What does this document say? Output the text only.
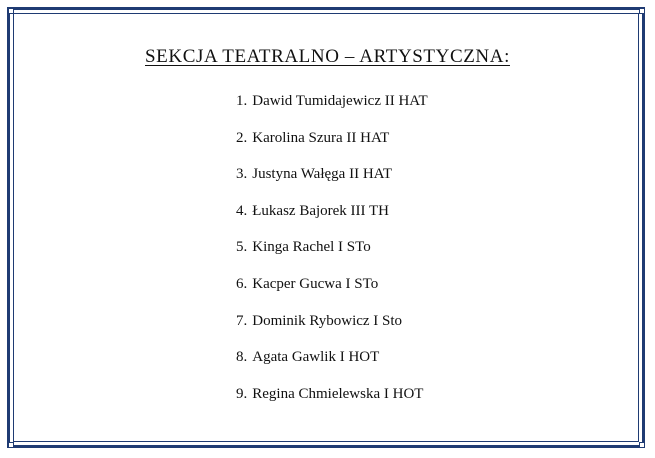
SEKCJA TEATRALNO – ARTYSTYCZNA:
1. Dawid Tumidajewicz II HAT
2. Karolina Szura II HAT
3. Justyna Wałęga II HAT
4. Łukasz Bajorek III TH
5. Kinga Rachel I STo
6. Kacper Gucwa I STo
7. Dominik Rybowicz I Sto
8. Agata Gawlik I HOT
9. Regina Chmielewska I HOT
